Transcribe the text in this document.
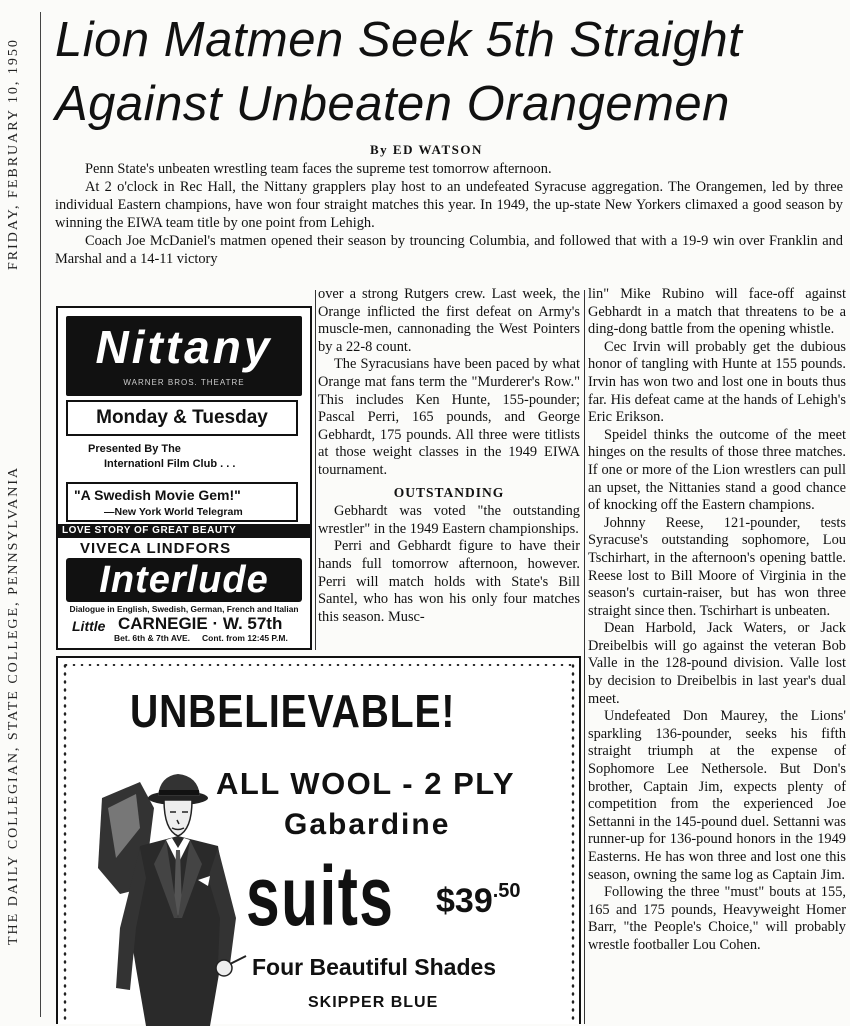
FRIDAY, FEBRUARY 10, 1950
THE DAILY COLLEGIAN, STATE COLLEGE, PENNSYLVANIA
Lion Matmen Seek 5th Straight
Against Unbeaten Orangemen
By ED WATSON

Penn State's unbeaten wrestling team faces the supreme test tomorrow afternoon.

At 2 o'clock in Rec Hall, the Nittany grapplers play host to an undefeated Syracuse aggregation. The Orangemen, led by three individual Eastern champions, have won four straight matches this year. In 1949, the up-state New Yorkers climaxed a good season by winning the EIWA team title by one point from Lehigh.

Coach Joe McDaniel's matmen opened their season by trouncing Columbia, and followed that with a 19-9 win over Franklin and Marshal and a 14-11 victory

over a strong Rutgers crew. Last week, the Orange inflicted the first defeat on Army's muscle-men, cannonading the West Pointers by a 22-8 count.

The Syracusians have been paced by what Orange mat fans term the "Murderer's Row." This includes Ken Hunte, 155-pounder; Pascal Perri, 165 pounds, and George Gebhardt, 175 pounds. All three were titlists at those weight classes in the 1949 EIWA tournament.

OUTSTANDING

Gebhardt was voted "the outstanding wrestler" in the 1949 Eastern championships.

Perri and Gebhardt figure to have their hands full tomorrow afternoon, however. Perri will match holds with State's Bill Santel, who has won his only four matches this season. Musc-

lin" Mike Rubino will face-off against Gebhardt in a match that threatens to be a ding-dong battle from the opening whistle.

Cec Irvin will probably get the dubious honor of tangling with Hunte at 155 pounds. Irvin has won two and lost one in bouts thus far. His defeat came at the hands of Lehigh's Eric Erikson.

Speidel thinks the outcome of the meet hinges on the results of those three matches. If one or more of the Lion wrestlers can pull an upset, the Nittanies stand a good chance of knocking off the Eastern champions.

Johnny Reese, 121-pounder, tests Syracuse's outstanding sophomore, Lou Tschirhart, in the afternoon's opening battle. Reese lost to Bill Moore of Virginia in the season's curtain-raiser, but has won three straight since then. Tschirhart is unbeaten.

Dean Harbold, Jack Waters, or Jack Dreibelbis will go against the veteran Bob Valle in the 128-pound division. Valle lost by decision to Dreibelbis in last year's dual meet.

Undefeated Don Maurey, the Lions' sparkling 136-pounder, seeks his fifth straight triumph at the expense of Sophomore Lee Nethersole. But Don's brother, Captain Jim, expects plenty of competition from the experienced Joe Settanni in the 145-pound duel. Settanni was runner-up for 136-pound honors in the 1949 Easterns. He has won three and lost one this season, owning the same log as Captain Jim.

Following the three "must" bouts at 155, 165 and 175 pounds, Heavyweight Homer Barr, "the People's Choice," will probably wrestle footballer Lou Cohen.

Nittany
WARNER BROS. THEATRE
Monday & Tuesday
Presented By The
Internationl Film Club . . .
"A Swedish Movie Gem!"
—New York World Telegram
LOVE STORY OF GREAT BEAUTY
VIVECA LINDFORS
Interlude
Dialogue in English, Swedish, German, French and Italian
Little CARNEGIE · W. 57th
Bet. 6th & 7th AVE. Cont. from 12:45 P.M.
UNBELIEVABLE!
ALL WOOL - 2 PLY
Gabardine
suits $\$39^{.50}$
Four Beautiful Shades
SKIPPER BLUE
